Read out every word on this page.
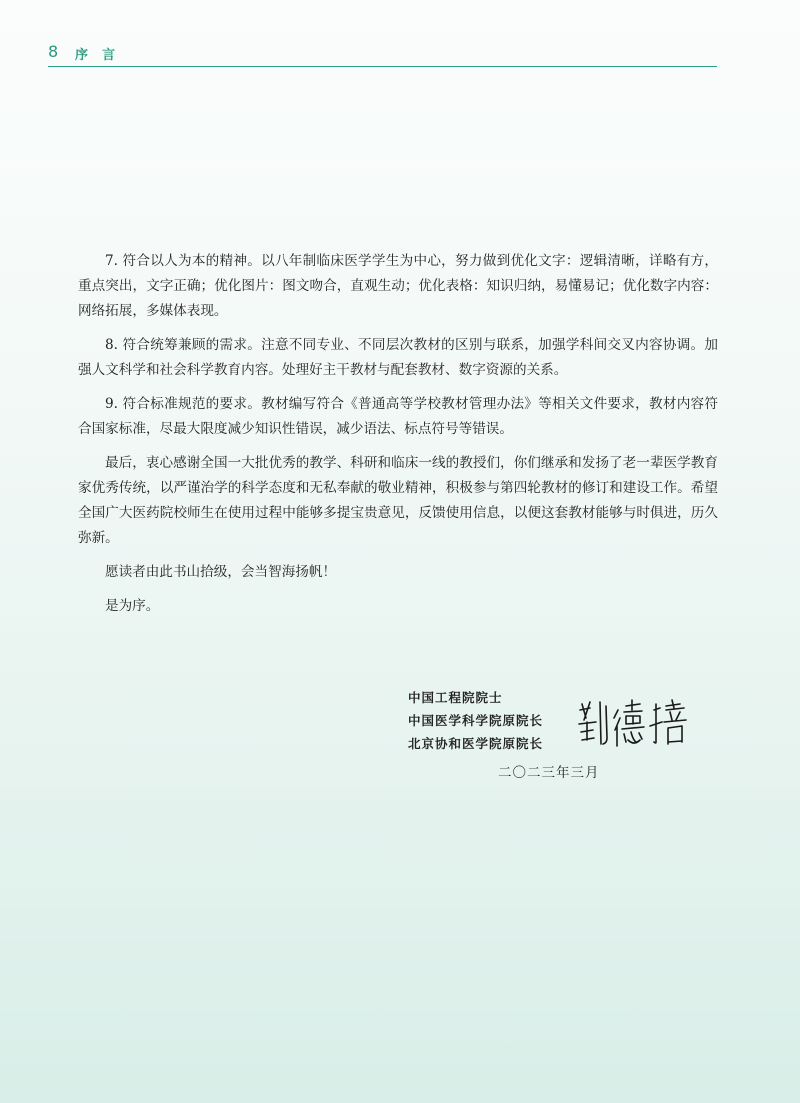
8 序言

7. 符合以人为本的精神。以八年制临床医学学生为中心，努力做到优化文字：逻辑清晰，详略有方，重点突出，文字正确；优化图片：图文吻合，直观生动；优化表格：知识归纳，易懂易记；优化数字内容：网络拓展，多媒体表现。

8. 符合统筹兼顾的需求。注意不同专业、不同层次教材的区别与联系，加强学科间交叉内容协调。加强人文科学和社会科学教育内容。处理好主干教材与配套教材、数字资源的关系。

9. 符合标准规范的要求。教材编写符合《普通高等学校教材管理办法》等相关文件要求，教材内容符合国家标准，尽最大限度减少知识性错误，减少语法、标点符号等错误。

最后，衷心感谢全国一大批优秀的教学、科研和临床一线的教授们，你们继承和发扬了老一辈医学教育家优秀传统，以严谨治学的科学态度和无私奉献的敬业精神，积极参与第四轮教材的修订和建设工作。希望全国广大医药院校师生在使用过程中能够多提宝贵意见，反馈使用信息，以便这套教材能够与时俱进，历久弥新。

愿读者由此书山拾级，会当智海扬帆！

是为序。

中国工程院院士
中国医学科学院原院长
北京协和医学院原院长
二〇二三年三月
